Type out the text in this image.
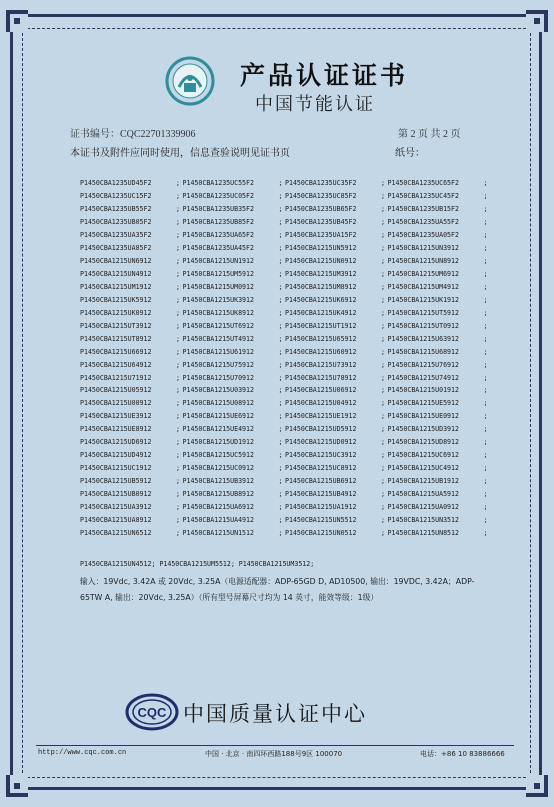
产品认证证书
中国节能认证
证书编号：CQC22701339906	第 2 页 共 2 页
本证书及附件应同时使用，信息查验说明见证书页	纸号：
P1450CBA1235UD45F2	;	P1450CBA1235UC55F2	;	P1450CBA1235UC35F2	;	P1450CBA1235UC65F2	;
P1450CBA1235UC15F2	;	P1450CBA1235UC05F2	;	P1450CBA1235UC85F2	;	P1450CBA1235UC45F2	;
P1450CBA1235UB55F2	;	P1450CBA1235UB35F2	;	P1450CBA1235UB65F2	;	P1450CBA1235UB15F2	;
P1450CBA1235UB05F2	;	P1450CBA1235UB85F2	;	P1450CBA1235UB45F2	;	P1450CBA1235UA55F2	;
P1450CBA1235UA35F2	;	P1450CBA1235UA65F2	;	P1450CBA1235UA15F2	;	P1450CBA1235UA05F2	;
P1450CBA1235UA85F2	;	P1450CBA1235UA45F2	;	P1450CBA1215UN5912	;	P1450CBA1215UN3912	;
P1450CBA1215UN6912	;	P1450CBA1215UN1912	;	P1450CBA1215UN0912	;	P1450CBA1215UN8912	;
P1450CBA1215UN4912	;	P1450CBA1215UM5912	;	P1450CBA1215UM3912	;	P1450CBA1215UM6912	;
P1450CBA1215UM1912	;	P1450CBA1215UM0912	;	P1450CBA1215UM8912	;	P1450CBA1215UM4912	;
P1450CBA1215UK5912	;	P1450CBA1215UK3912	;	P1450CBA1215UK6912	;	P1450CBA1215UK1912	;
P1450CBA1215UK0912	;	P1450CBA1215UK8912	;	P1450CBA1215UK4912	;	P1450CBA1215UT5912	;
P1450CBA1215UT3912	;	P1450CBA1215UT6912	;	P1450CBA1215UT1912	;	P1450CBA1215UT0912	;
P1450CBA1215UT8912	;	P1450CBA1215UT4912	;	P1450CBA1215U65912	;	P1450CBA1215U63912	;
P1450CBA1215U66912	;	P1450CBA1215U61912	;	P1450CBA1215U60912	;	P1450CBA1215U68912	;
P1450CBA1215U64912	;	P1450CBA1215U75912	;	P1450CBA1215U73912	;	P1450CBA1215U76912	;
P1450CBA1215U71912	;	P1450CBA1215U70912	;	P1450CBA1215U78912	;	P1450CBA1215U74912	;
P1450CBA1215U05912	;	P1450CBA1215U03912	;	P1450CBA1215U06912	;	P1450CBA1215U01912	;
P1450CBA1215U00912	;	P1450CBA1215U08912	;	P1450CBA1215U04912	;	P1450CBA1215UE5912	;
P1450CBA1215UE3912	;	P1450CBA1215UE6912	;	P1450CBA1215UE1912	;	P1450CBA1215UE0912	;
P1450CBA1215UE8912	;	P1450CBA1215UE4912	;	P1450CBA1215UD5912	;	P1450CBA1215UD3912	;
P1450CBA1215UD6912	;	P1450CBA1215UD1912	;	P1450CBA1215UD0912	;	P1450CBA1215UD8912	;
P1450CBA1215UD4912	;	P1450CBA1215UC5912	;	P1450CBA1215UC3912	;	P1450CBA1215UC6912	;
P1450CBA1215UC1912	;	P1450CBA1215UC0912	;	P1450CBA1215UC8912	;	P1450CBA1215UC4912	;
P1450CBA1215UB5912	;	P1450CBA1215UB3912	;	P1450CBA1215UB6912	;	P1450CBA1215UB1912	;
P1450CBA1215UB0912	;	P1450CBA1215UB8912	;	P1450CBA1215UB4912	;	P1450CBA1215UA5912	;
P1450CBA1215UA3912	;	P1450CBA1215UA6912	;	P1450CBA1215UA1912	;	P1450CBA1215UA0912	;
P1450CBA1215UA8912	;	P1450CBA1215UA4912	;	P1450CBA1215UN5512	;	P1450CBA1215UN3512	;
P1450CBA1215UN6512	;	P1450CBA1215UN1512	;	P1450CBA1215UN0512	;	P1450CBA1215UN8512	;
P1450CBA1215UN4512; P1450CBA1215UM5512; P1450CBA1215UM3512;
输入：19Vdc, 3.42A 或 20Vdc, 3.25A（电源适配器：ADP-65GD D, AD10500, 输出：19VDC, 3.42A；ADP-65TW A, 输出：20Vdc, 3.25A）（所有型号屏幕尺寸均为 14 英寸，能效等级：1级）
CQC 中国质量认证中心
http://www.cqc.com.cn	中国 · 北京 · 南四环西路188号9区 100070	电话：+86 10 83886666
